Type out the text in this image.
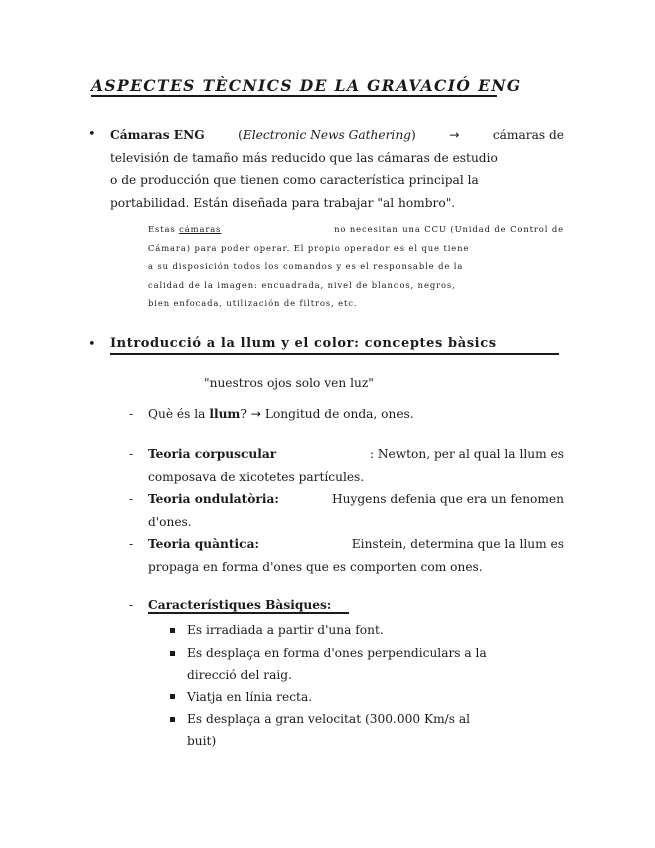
ASPECTES TÈCNICS DE LA GRAVACIÓ ENG
• Cámaras ENG	(Electronic News Gathering)	→	cámaras de
televisión de tamaño más reducido que las cámaras de estudio
o de producción que tienen como característica principal la
portabilidad. Están diseñada para trabajar "al hombro".
Estas cámaras	no necesitan una CCU (Unidad de Control de
Cámara) para poder operar. El propio operador es el que tiene
a su disposición todos los comandos y es el responsable de la
calidad de la imagen: encuadrada, nivel de blancos, negros,
bien enfocada, utilización de filtros, etc.
• Introducció a la llum y el color: conceptes bàsics
"nuestros ojos solo ven luz"
- Què és la llum? → Longitud de onda, ones.
- Teoria corpuscular	: Newton, per al qual la llum es
composava de xicotetes partícules.
- Teoria ondulatòria:	Huygens defenia que era un fenomen
d'ones.
- Teoria quàntica:	Einstein, determina que la llum es
propaga en forma d'ones que es comporten com ones.
- Característiques Bàsiques:
Es irradiada a partir d'una font.
Es desplaça en forma d'ones perpendiculars a la
direcció del raig.
Viatja en línia recta.
Es desplaça a gran velocitat (300.000 Km/s al
buit)
